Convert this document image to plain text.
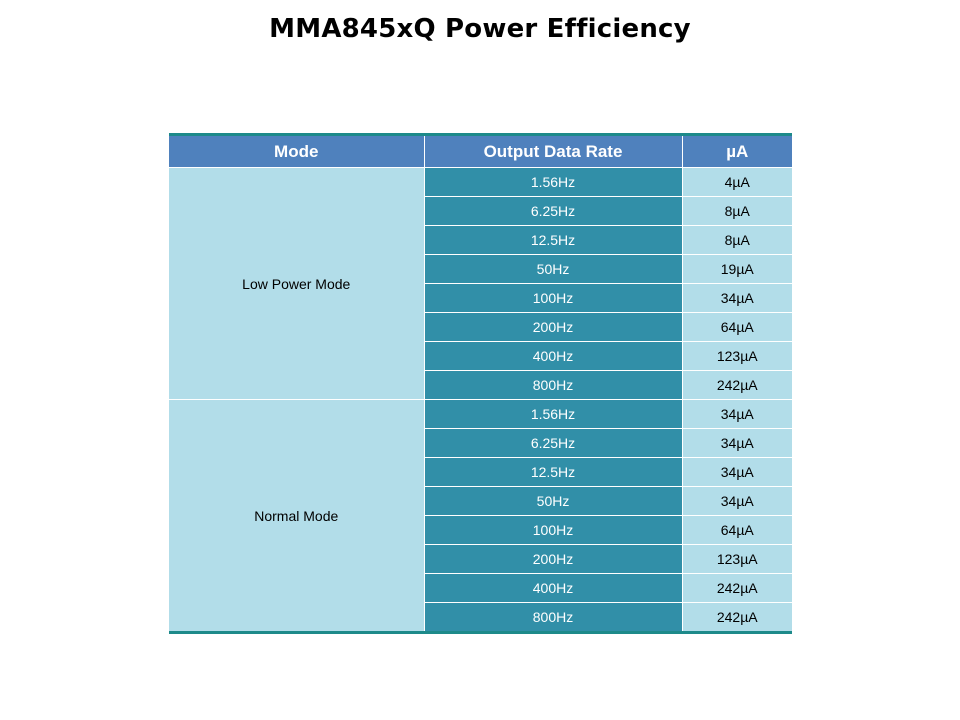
MMA845xQ Power Efficiency
Mode	Output Data Rate	µA
Low Power Mode	1.56Hz	4µA
	6.25Hz	8µA
	12.5Hz	8µA
	50Hz	19µA
	100Hz	34µA
	200Hz	64µA
	400Hz	123µA
	800Hz	242µA
Normal Mode	1.56Hz	34µA
	6.25Hz	34µA
	12.5Hz	34µA
	50Hz	34µA
	100Hz	64µA
	200Hz	123µA
	400Hz	242µA
	800Hz	242µA
